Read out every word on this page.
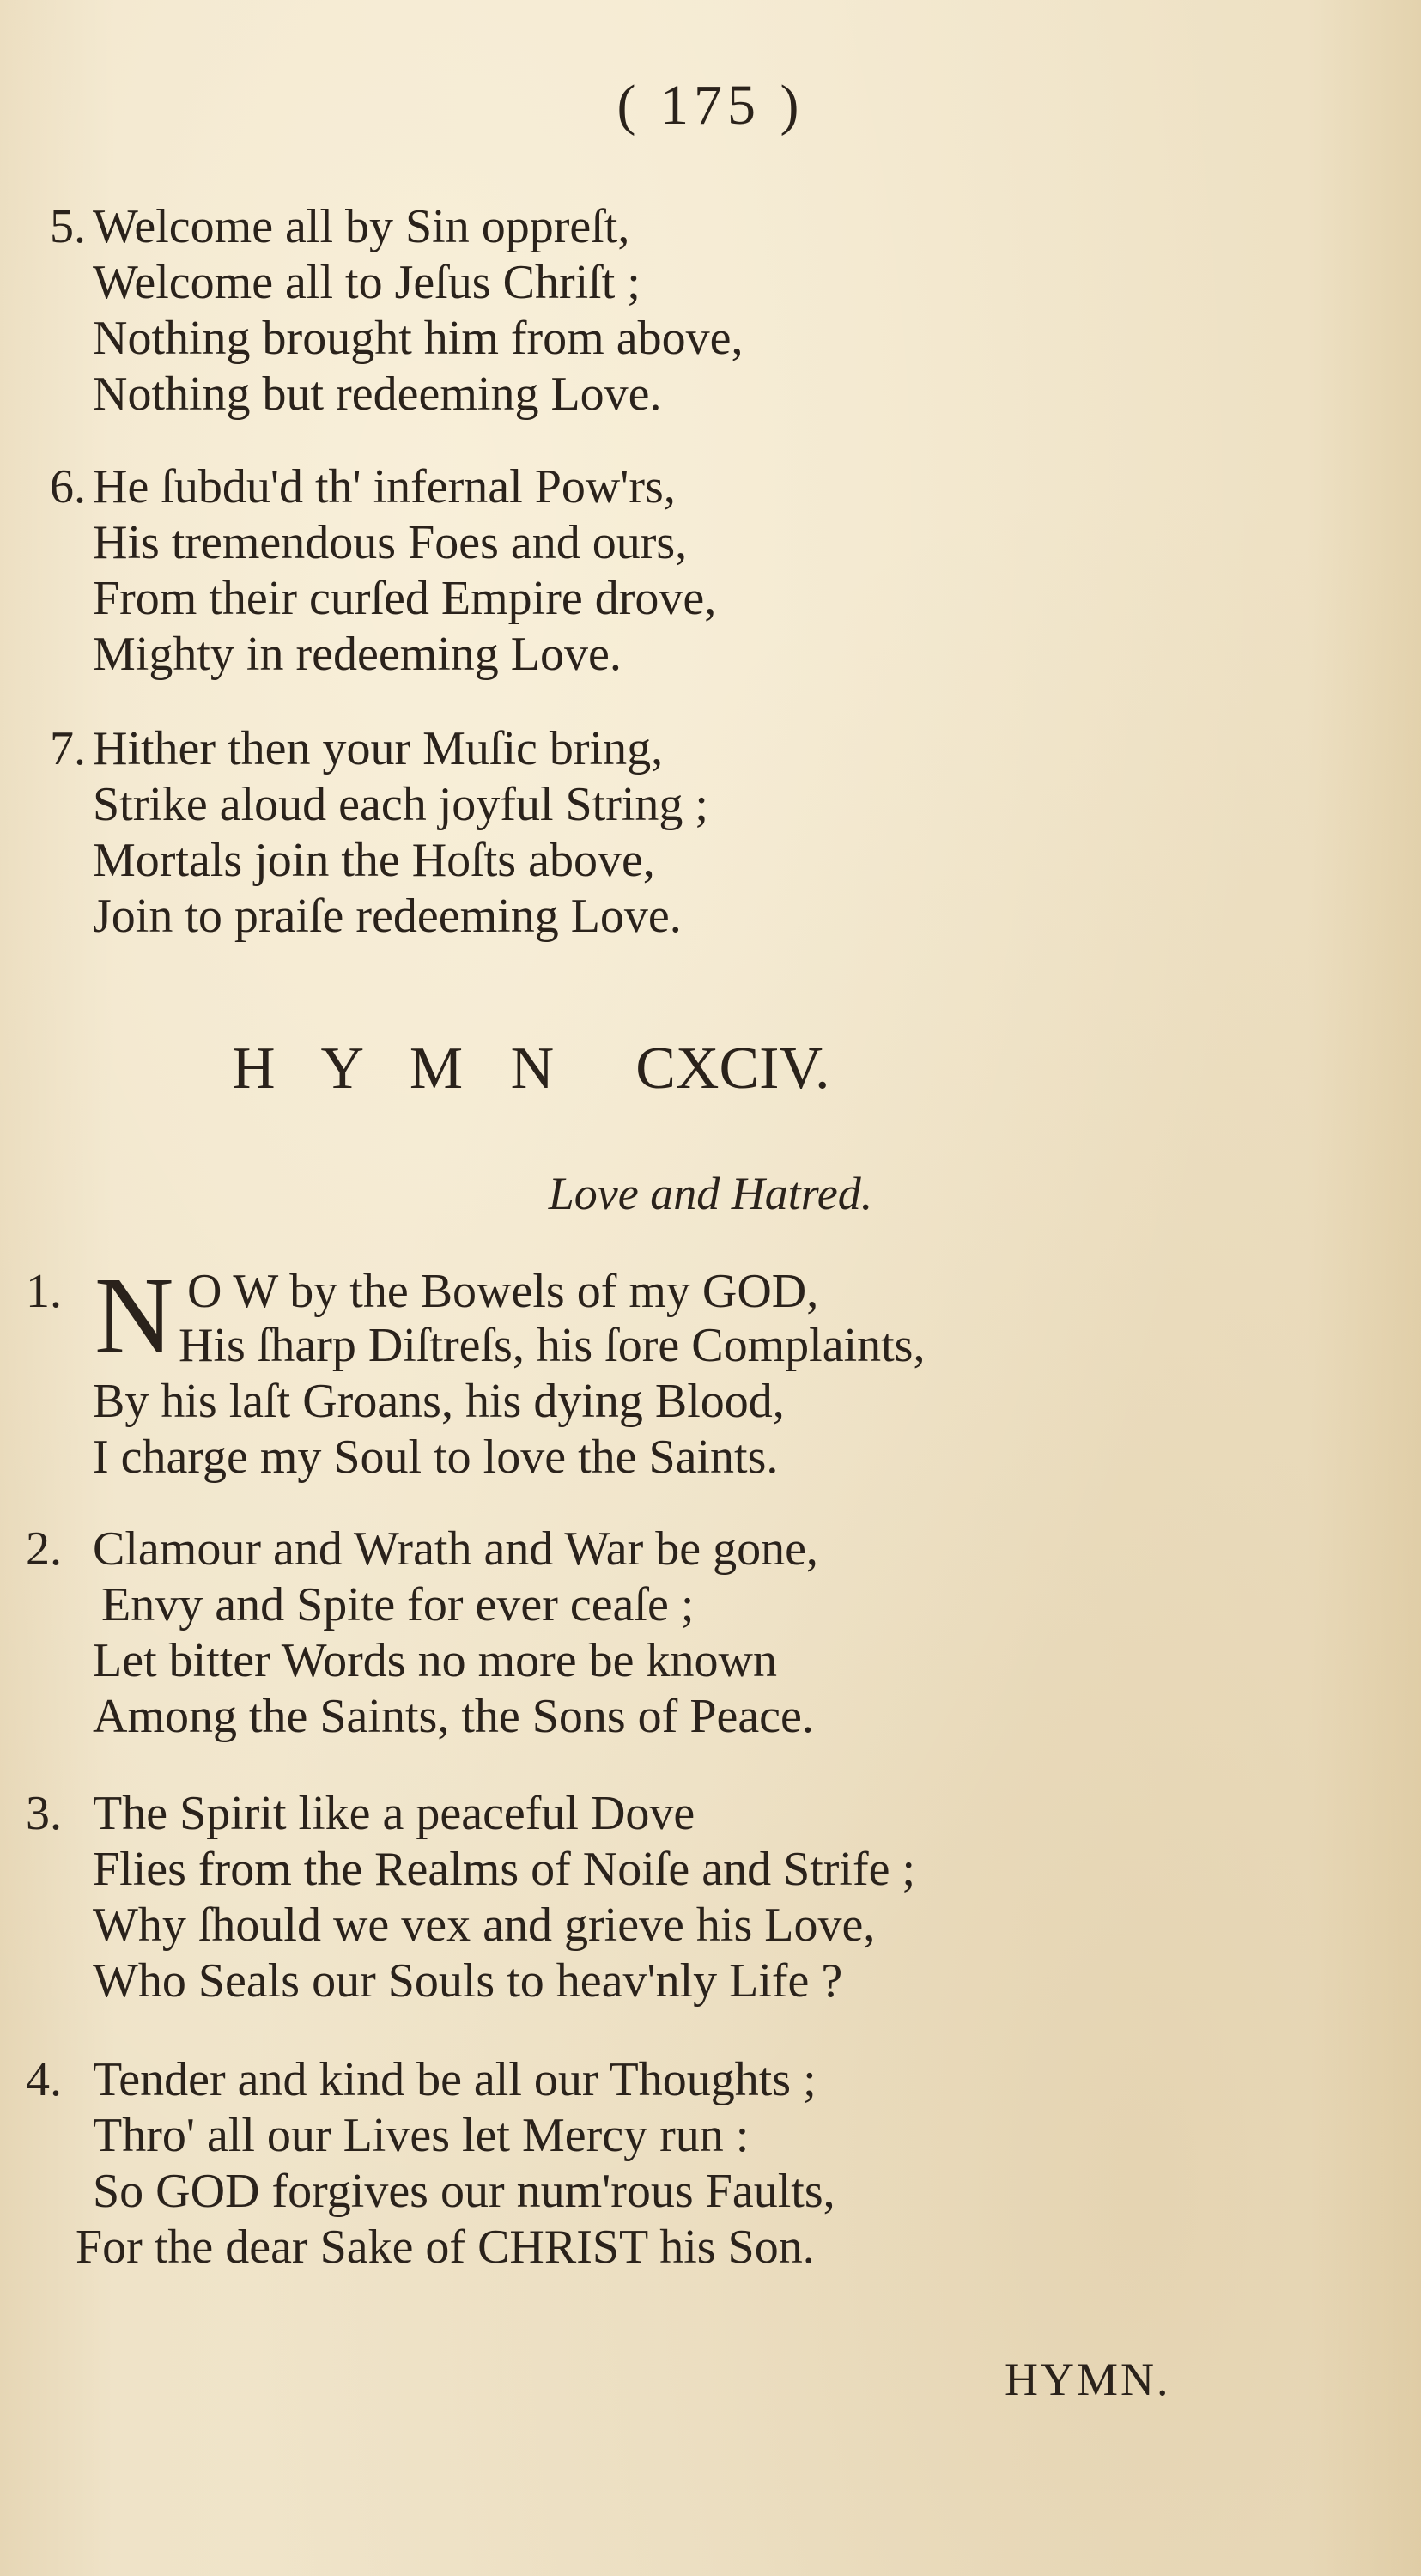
( 175 )
5. Welcome all by Sin oppreſt,
Welcome all to Jeſus Chriſt ;
Nothing brought him from above,
Nothing but redeeming Love.
6. He ſubdu'd th' infernal Pow'rs,
His tremendous Foes and ours,
From their curſed Empire drove,
Mighty in redeeming Love.
7. Hither then your Muſic bring,
Strike aloud each joyful String ;
Mortals join the Hoſts above,
Join to praiſe redeeming Love.
H Y M N CXCIV.
Love and Hatred.
1. N O W by the Bowels of my GOD,
His ſharp Diſtreſs, his ſore Complaints,
By his laſt Groans, his dying Blood,
I charge my Soul to love the Saints.
2. Clamour and Wrath and War be gone,
Envy and Spite for ever ceaſe ;
Let bitter Words no more be known
Among the Saints, the Sons of Peace.
3. The Spirit like a peaceful Dove
Flies from the Realms of Noiſe and Strife ;
Why ſhould we vex and grieve his Love,
Who Seals our Souls to heav'nly Life ?
4. Tender and kind be all our Thoughts ;
Thro' all our Lives let Mercy run :
So GOD forgives our num'rous Faults,
For the dear Sake of CHRIST his Son.
HYMN.
